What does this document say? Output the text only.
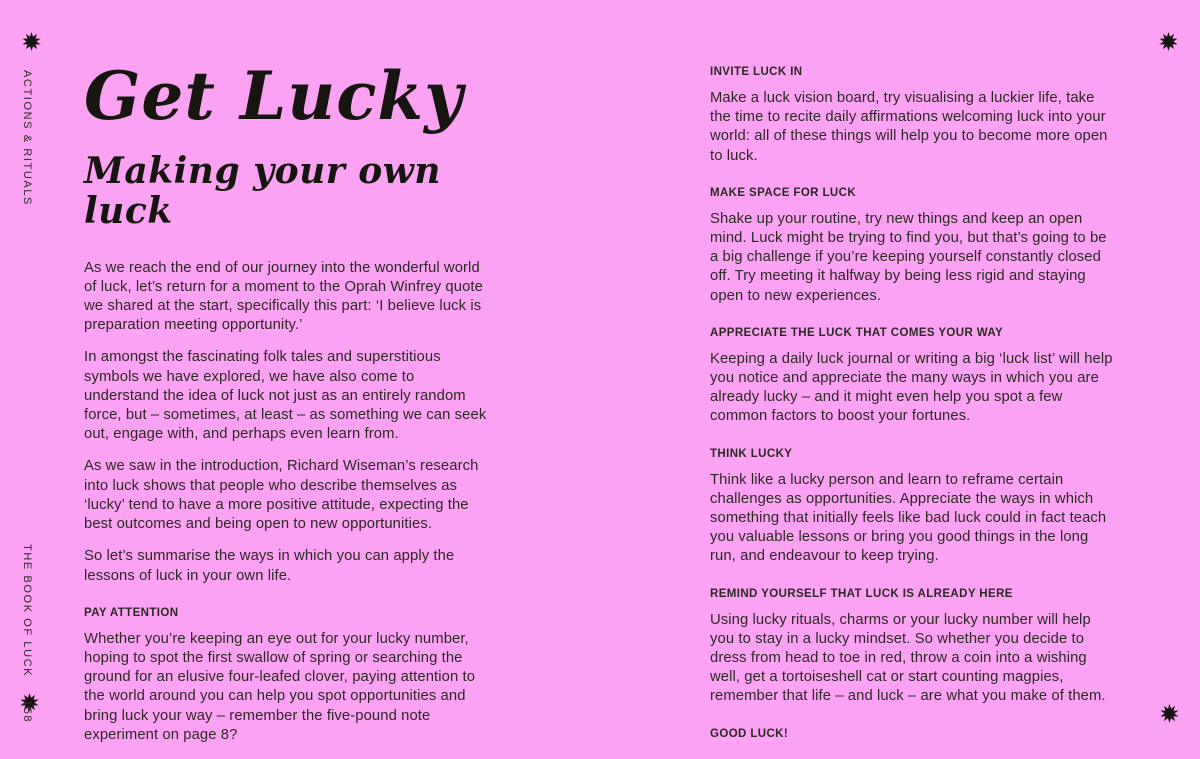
ACTIONS & RITUALS
THE BOOK OF LUCK 158
Get Lucky
Making your own luck

As we reach the end of our journey into the wonderful world of luck, let’s return for a moment to the Oprah Winfrey quote we shared at the start, specifically this part: ‘I believe luck is preparation meeting opportunity.’

In amongst the fascinating folk tales and superstitious symbols we have explored, we have also come to understand the idea of luck not just as an entirely random force, but – sometimes, at least – as something we can seek out, engage with, and perhaps even learn from.

As we saw in the introduction, Richard Wiseman’s research into luck shows that people who describe themselves as ‘lucky’ tend to have a more positive attitude, expecting the best outcomes and being open to new opportunities.

So let’s summarise the ways in which you can apply the lessons of luck in your own life.

PAY ATTENTION

Whether you’re keeping an eye out for your lucky number, hoping to spot the first swallow of spring or searching the ground for an elusive four-leafed clover, paying attention to the world around you can help you spot opportunities and bring luck your way – remember the five-pound note experiment on page 8?

INVITE LUCK IN

Make a luck vision board, try visualising a luckier life, take the time to recite daily affirmations welcoming luck into your world: all of these things will help you to become more open to luck.

MAKE SPACE FOR LUCK

Shake up your routine, try new things and keep an open mind. Luck might be trying to find you, but that’s going to be a big challenge if you’re keeping yourself constantly closed off. Try meeting it halfway by being less rigid and staying open to new experiences.

APPRECIATE THE LUCK THAT COMES YOUR WAY

Keeping a daily luck journal or writing a big ‘luck list’ will help you notice and appreciate the many ways in which you are already lucky – and it might even help you spot a few common factors to boost your fortunes.

THINK LUCKY

Think like a lucky person and learn to reframe certain challenges as opportunities. Appreciate the ways in which something that initially feels like bad luck could in fact teach you valuable lessons or bring you good things in the long run, and endeavour to keep trying.

REMIND YOURSELF THAT LUCK IS ALREADY HERE

Using lucky rituals, charms or your lucky number will help you to stay in a lucky mindset. So whether you decide to dress from head to toe in red, throw a coin into a wishing well, get a tortoiseshell cat or start counting magpies, remember that life – and luck – are what you make of them.

GOOD LUCK!
